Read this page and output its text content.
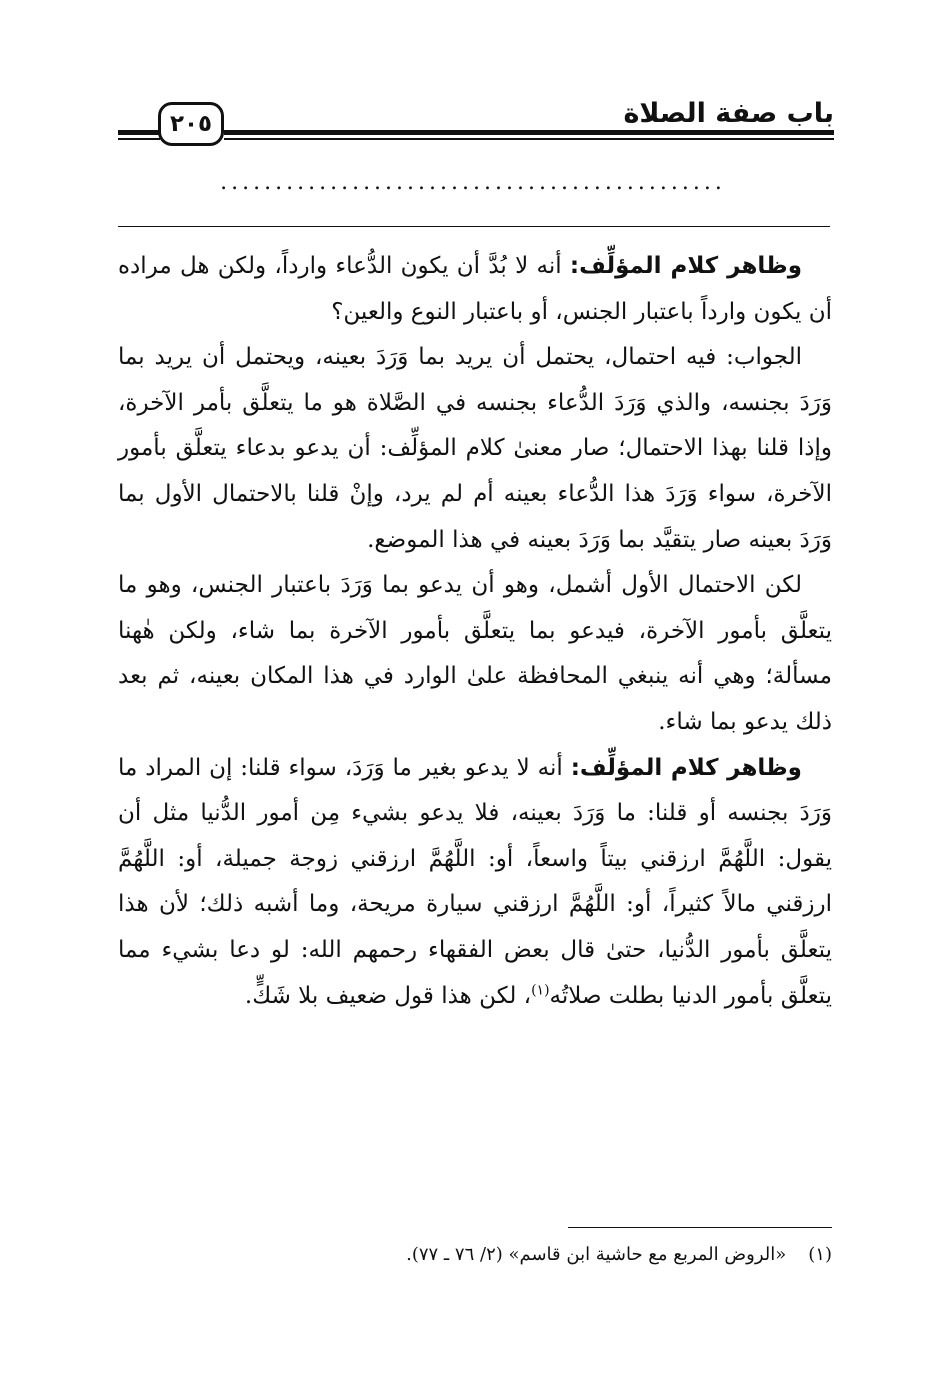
باب صفة الصلاة
٢٠٥
..............................................

وظاهر كلام المؤلِّف: أنه لا بُدَّ أن يكون الدُّعاء وارداً، ولكن هل مراده أن يكون وارداً باعتبار الجنس، أو باعتبار النوع والعين؟

الجواب: فيه احتمال، يحتمل أن يريد بما وَرَدَ بعينه، ويحتمل أن يريد بما وَرَدَ بجنسه، والذي وَرَدَ الدُّعاء بجنسه في الصَّلاة هو ما يتعلَّق بأمر الآخرة، وإذا قلنا بهذا الاحتمال؛ صار معنىٰ كلام المؤلِّف: أن يدعو بدعاء يتعلَّق بأمور الآخرة، سواء وَرَدَ هذا الدُّعاء بعينه أم لم يرد، وإنْ قلنا بالاحتمال الأول بما وَرَدَ بعينه صار يتقيَّد بما وَرَدَ بعينه في هذا الموضع.

لكن الاحتمال الأول أشمل، وهو أن يدعو بما وَرَدَ باعتبار الجنس، وهو ما يتعلَّق بأمور الآخرة، فيدعو بما يتعلَّق بأمور الآخرة بما شاء، ولكن هٰهنا مسألة؛ وهي أنه ينبغي المحافظة علىٰ الوارد في هذا المكان بعينه، ثم بعد ذلك يدعو بما شاء.

وظاهر كلام المؤلِّف: أنه لا يدعو بغير ما وَرَدَ، سواء قلنا: إن المراد ما وَرَدَ بجنسه أو قلنا: ما وَرَدَ بعينه، فلا يدعو بشيء مِن أمور الدُّنيا مثل أن يقول: اللَّهُمَّ ارزقني بيتاً واسعاً، أو: اللَّهُمَّ ارزقني زوجة جميلة، أو: اللَّهُمَّ ارزقني مالاً كثيراً، أو: اللَّهُمَّ ارزقني سيارة مريحة، وما أشبه ذلك؛ لأن هذا يتعلَّق بأمور الدُّنيا، حتىٰ قال بعض الفقهاء رحمهم الله: لو دعا بشيء مما يتعلَّق بأمور الدنيا بطلت صلاتُه$^{(١)}$، لكن هذا قول ضعيف بلا شَكٍّ.

(١)«الروض المربع مع حاشية ابن قاسم» (٢/ ٧٦ ـ ٧٧).
